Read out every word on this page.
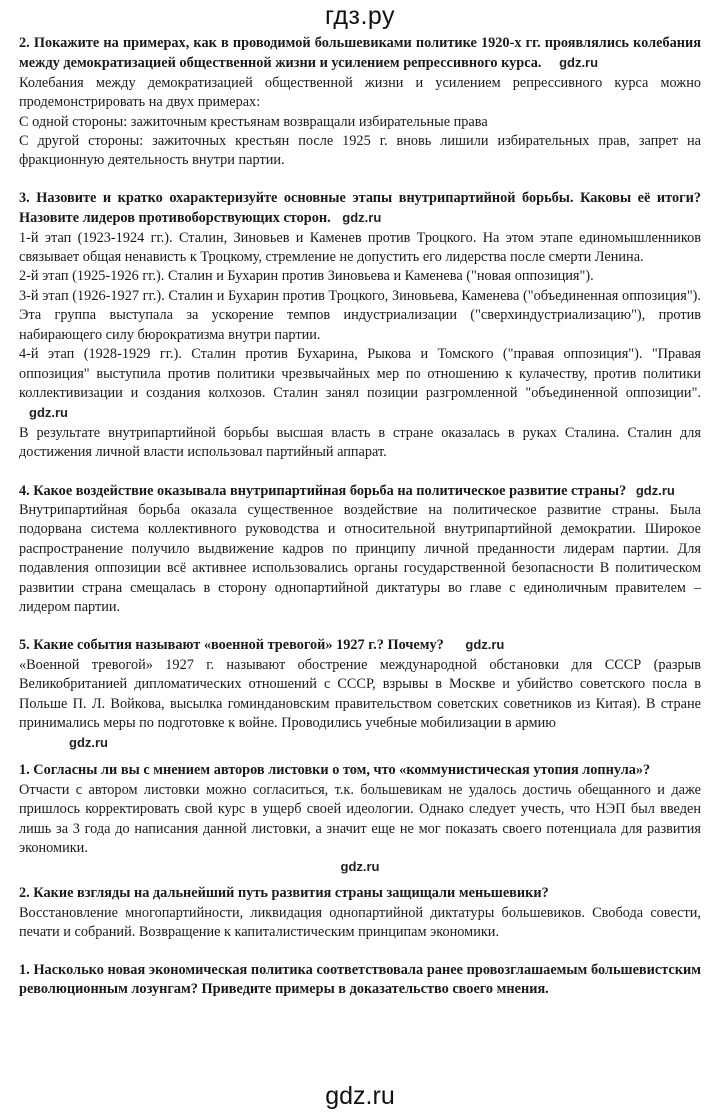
гдз.ру

2. Покажите на примерах, как в проводимой большевиками политике 1920-х гг. проявлялись колебания между демократизацией общественной жизни и усилением репрессивного курса. gdz.ru

Колебания между демократизацией общественной жизни и усилением репрессивного курса можно продемонстрировать на двух примерах:

С одной стороны: зажиточным крестьянам возвращали избирательные права

С другой стороны: зажиточных крестьян после 1925 г. вновь лишили избирательных прав, запрет на фракционную деятельность внутри партии.

3. Назовите и кратко охарактеризуйте основные этапы внутрипартийной борьбы. Каковы её итоги? Назовите лидеров противоборствующих сторон. gdz.ru

1-й этап (1923-1924 гг.). Сталин, Зиновьев и Каменев против Троцкого. На этом этапе единомышленников связывает общая ненависть к Троцкому, стремление не допустить его лидерства после смерти Ленина.

2-й этап (1925-1926 гг.). Сталин и Бухарин против Зиновьева и Каменева ("новая оппозиция").

3-й этап (1926-1927 гг.). Сталин и Бухарин против Троцкого, Зиновьева, Каменева ("объединенная оппозиция"). Эта группа выступала за ускорение темпов индустриализации ("сверхиндустриализацию"), против набирающего силу бюрократизма внутри партии.

4-й этап (1928-1929 гг.). Сталин против Бухарина, Рыкова и Томского ("правая оппозиция"). "Правая оппозиция" выступила против политики чрезвычайных мер по отношению к кулачеству, против политики коллективизации и создания колхозов. Сталин занял позиции разгромленной "объединенной оппозиции". gdz.ru

В результате внутрипартийной борьбы высшая власть в стране оказалась в руках Сталина. Сталин для достижения личной власти использовал партийный аппарат.

4. Какое воздействие оказывала внутрипартийная борьба на политическое развитие страны? gdz.ru

Внутрипартийная борьба оказала существенное воздействие на политическое развитие страны. Была подорвана система коллективного руководства и относительной внутрипартийной демократии. Широкое распространение получило выдвижение кадров по принципу личной преданности лидерам партии. Для подавления оппозиции всё активнее использовались органы государственной безопасности В политическом развитии страна смещалась в сторону однопартийной диктатуры во главе с единоличным правителем – лидером партии.

5. Какие события называют «военной тревогой» 1927 г.? Почему? gdz.ru

«Военной тревогой» 1927 г. называют обострение международной обстановки для СССР (разрыв Великобританией дипломатических отношений с СССР, взрывы в Москве и убийство советского посла в Польше П. Л. Войкова, высылка гоминдановским правительством советских советников из Китая). В стране принимались меры по подготовке к войне. Проводились учебные мобилизации в армию

gdz.ru

1. Согласны ли вы с мнением авторов листовки о том, что «коммунистическая утопия лопнула»?

Отчасти с автором листовки можно согласиться, т.к. большевикам не удалось достичь обещанного и даже пришлось корректировать свой курс в ущерб своей идеологии. Однако следует учесть, что НЭП был введен лишь за 3 года до написания данной листовки, а значит еще не мог показать своего потенциала для развития экономики.

gdz.ru

2. Какие взгляды на дальнейший путь развития страны защищали меньшевики?

Восстановление многопартийности, ликвидация однопартийной диктатуры большевиков. Свобода совести, печати и собраний. Возвращение к капиталистическим принципам экономики.

1. Насколько новая экономическая политика соответствовала ранее провозглашаемым большевистским революционным лозунгам? Приведите примеры в доказательство своего мнения.

gdz.ru
